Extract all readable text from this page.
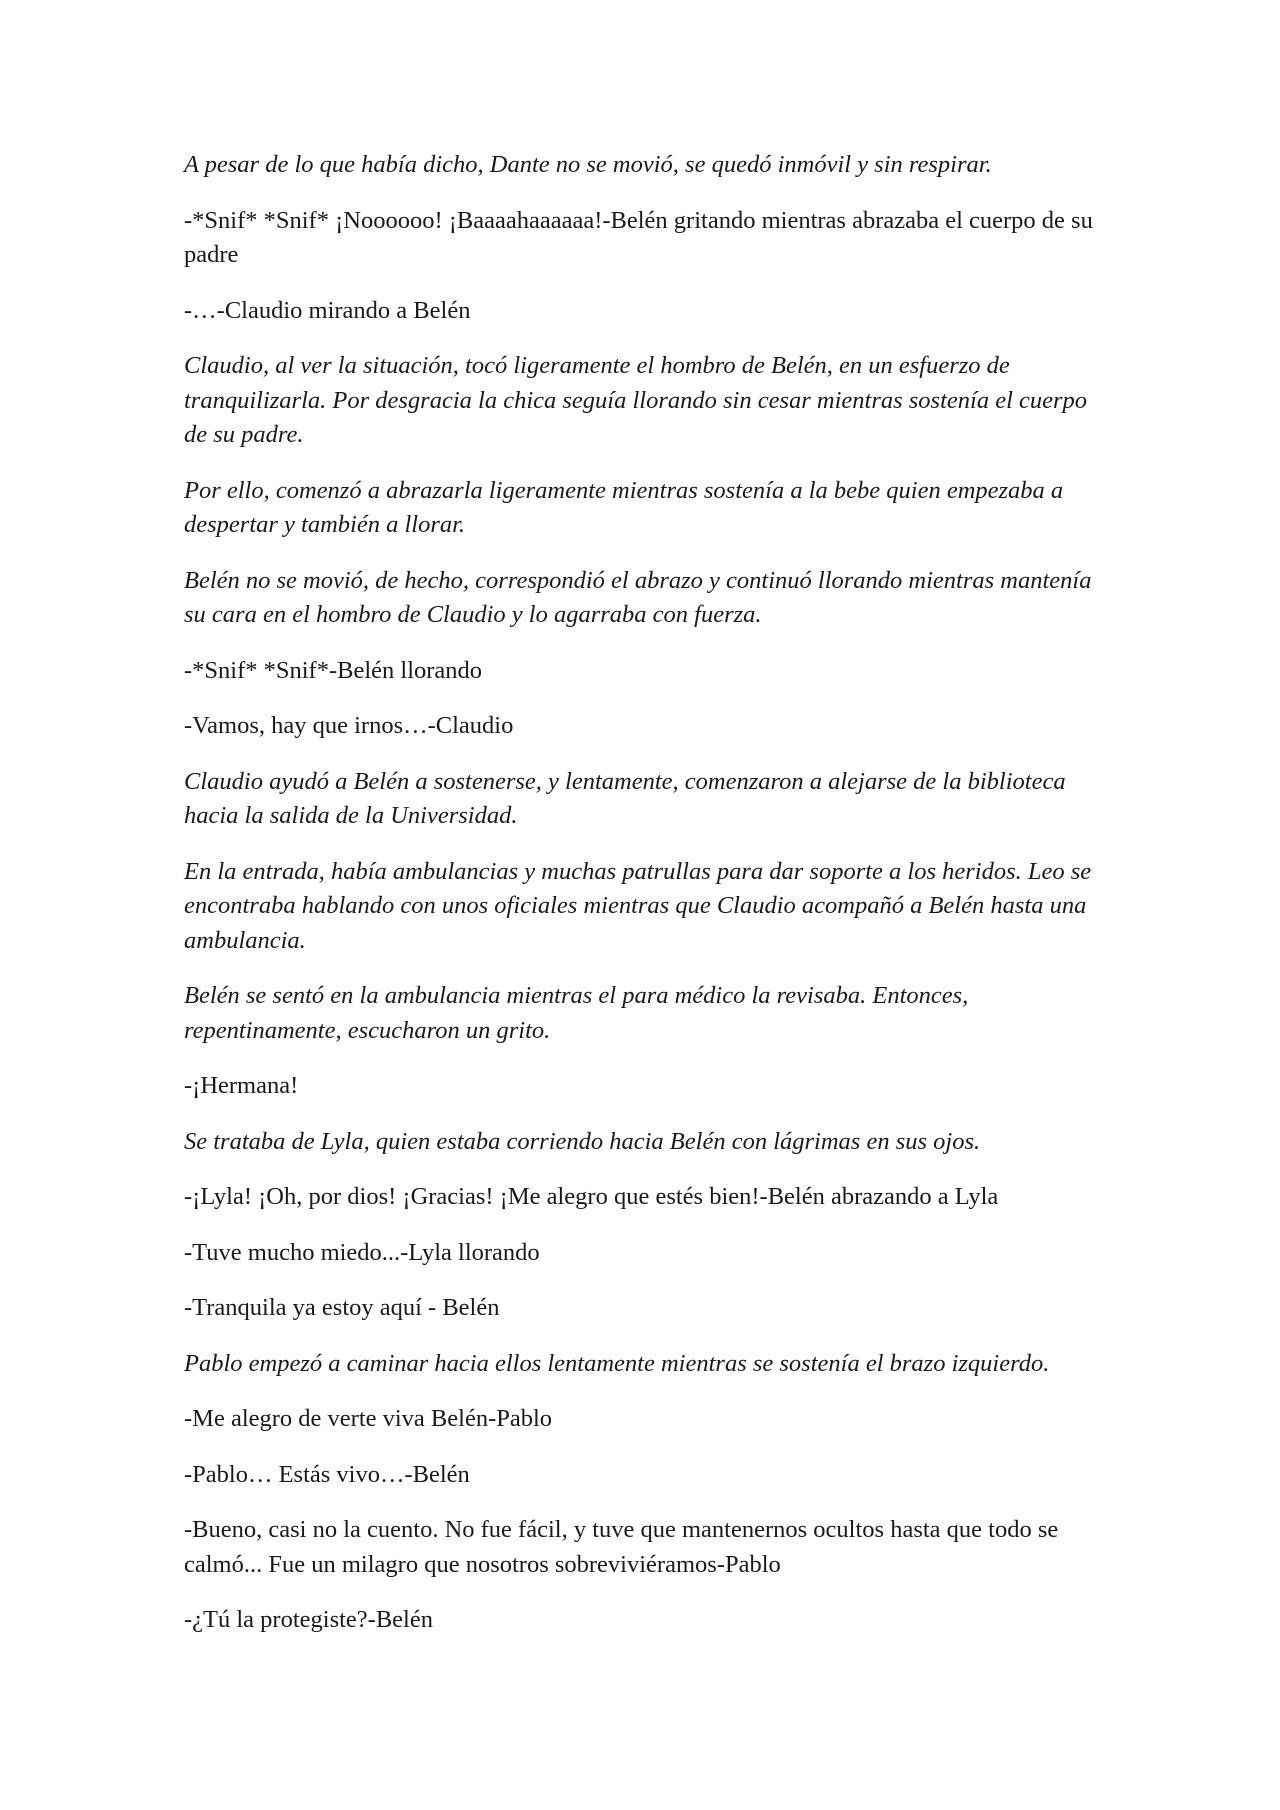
A pesar de lo que había dicho, Dante no se movió, se quedó inmóvil y sin respirar.

-*Snif* *Snif* ¡Noooooo! ¡Baaaahaaaaaa!-Belén gritando mientras abrazaba el cuerpo de su padre

-…-Claudio mirando a Belén

Claudio, al ver la situación, tocó ligeramente el hombro de Belén, en un esfuerzo de tranquilizarla. Por desgracia la chica seguía llorando sin cesar mientras sostenía el cuerpo de su padre.

Por ello, comenzó a abrazarla ligeramente mientras sostenía a la bebe quien empezaba a despertar y también a llorar.

Belén no se movió, de hecho, correspondió el abrazo y continuó llorando mientras mantenía su cara en el hombro de Claudio y lo agarraba con fuerza.

-*Snif* *Snif*-Belén llorando

-Vamos, hay que irnos…-Claudio

Claudio ayudó a Belén a sostenerse, y lentamente, comenzaron a alejarse de la biblioteca hacia la salida de la Universidad.

En la entrada, había ambulancias y muchas patrullas para dar soporte a los heridos. Leo se encontraba hablando con unos oficiales mientras que Claudio acompañó a Belén hasta una ambulancia.

Belén se sentó en la ambulancia mientras el para médico la revisaba. Entonces, repentinamente, escucharon un grito.

-¡Hermana!

Se trataba de Lyla, quien estaba corriendo hacia Belén con lágrimas en sus ojos.

-¡Lyla! ¡Oh, por dios! ¡Gracias! ¡Me alegro que estés bien!-Belén abrazando a Lyla

-Tuve mucho miedo...-Lyla llorando

-Tranquila ya estoy aquí - Belén

Pablo empezó a caminar hacia ellos lentamente mientras se sostenía el brazo izquierdo.

-Me alegro de verte viva Belén-Pablo

-Pablo… Estás vivo…-Belén

-Bueno, casi no la cuento. No fue fácil, y tuve que mantenernos ocultos hasta que todo se calmó... Fue un milagro que nosotros sobreviviéramos-Pablo

-¿Tú la protegiste?-Belén
